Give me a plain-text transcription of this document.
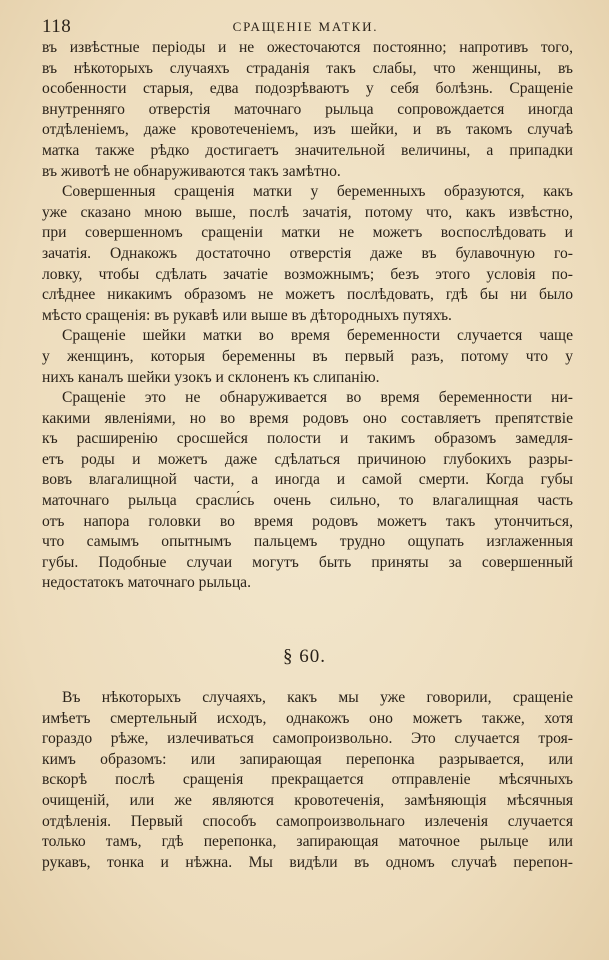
118	СРАЩЕНІЕ МАТКИ.
въ извѣстные періоды и не ожесточаются постоянно; напротивъ того,
въ нѣкоторыхъ случаяхъ страданія такъ слабы, что женщины, въ
особенности старыя, едва подозрѣваютъ у себя болѣзнь. Сращеніе
внутренняго отверстія маточнаго рыльца сопровождается иногда
отдѣленіемъ, даже кровотеченіемъ, изъ шейки, и въ такомъ случаѣ
матка также рѣдко достигаетъ значительной величины, а припадки
въ животѣ не обнаруживаются такъ замѣтно.
Совершенныя сращенія матки у беременныхъ образуются, какъ
уже сказано мною выше, послѣ зачатія, потому что, какъ извѣстно,
при совершенномъ сращеніи матки не можетъ воспослѣдовать и
зачатія. Однакожъ достаточно отверстія даже въ булавочную го-
ловку, чтобы сдѣлать зачатіе возможнымъ; безъ этого условія по-
слѣднее никакимъ образомъ не можетъ послѣдовать, гдѣ бы ни было
мѣсто сращенія: въ рукавѣ или выше въ дѣторoдныхъ путяхъ.
Сращеніе шейки матки во время беременности случается чаще
у женщинъ, которыя беременны въ первый разъ, потому что у
нихъ каналъ шейки узокъ и склоненъ къ слипанію.
Сращеніе это не обнаруживается во время беременности ни-
какими явленіями, но во время родовъ оно составляетъ препятствіе
къ расширенію сросшейся полости и такимъ образомъ замедля-
етъ роды и можетъ даже сдѣлаться причиною глубокихъ разры-
вовъ влагалищной части, а иногда и самой смерти. Когда губы
маточнаго рыльца срасли́сь очень сильно, то влагалищная часть
отъ напора головки во время родовъ можетъ такъ утончиться,
что самымъ опытнымъ пальцемъ трудно ощупать изглаженныя
губы. Подобные случаи могутъ быть приняты за совершенный
недостатокъ маточнаго рыльца.
§ 60.
Въ нѣкоторыхъ случаяхъ, какъ мы уже говорили, сращеніе
имѣетъ смертельный исходъ, однакожъ оно можетъ также, хотя
гораздо рѣже, излечиваться самопроизвольно. Это случается троя-
кимъ образомъ: или запирающая перепонка разрывается, или
вскорѣ послѣ сращенія прекращается отправленіе мѣсячныхъ
очищеній, или же являются кровотеченія, замѣняющія мѣсячныя
отдѣленія. Первый способъ самопроизвольнаго излеченія случается
только тамъ, гдѣ перепонка, запирающая маточное рыльце или
рукавъ, тонка и нѣжна. Мы видѣли въ одномъ случаѣ перепон-
